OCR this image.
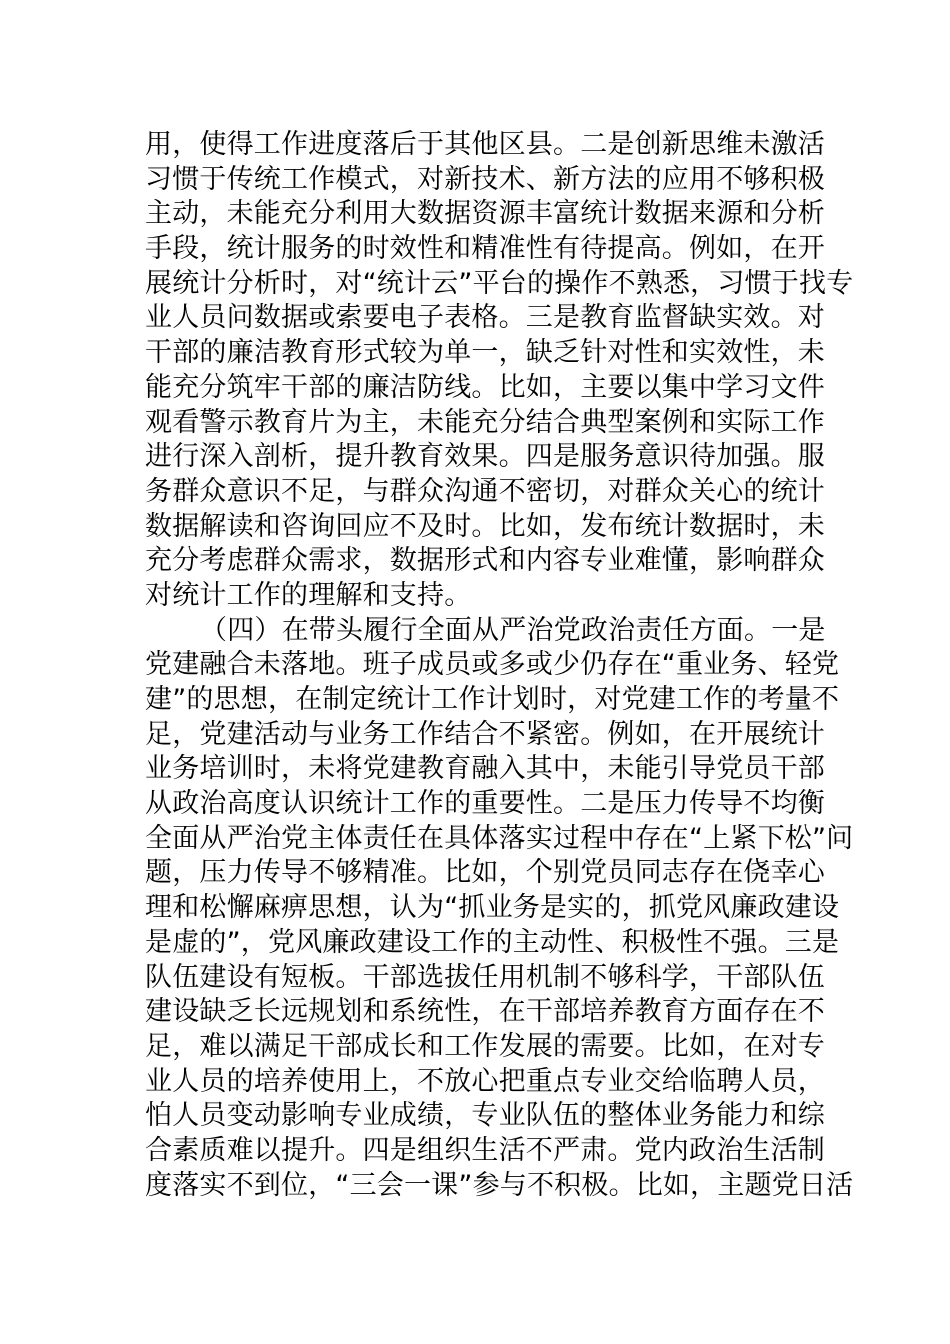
用，使得工作进度落后于其他区县。二是创新思维未激活
习惯于传统工作模式，对新技术、新方法的应用不够积极
主动，未能充分利用大数据资源丰富统计数据来源和分析
手段，统计服务的时效性和精准性有待提高。例如，在开
展统计分析时，对“统计云”平台的操作不熟悉，习惯于找专
业人员问数据或索要电子表格。三是教育监督缺实效。对
干部的廉洁教育形式较为单一，缺乏针对性和实效性，未
能充分筑牢干部的廉洁防线。比如，主要以集中学习文件
观看警示教育片为主，未能充分结合典型案例和实际工作
进行深入剖析，提升教育效果。四是服务意识待加强。服
务群众意识不足，与群众沟通不密切，对群众关心的统计
数据解读和咨询回应不及时。比如，发布统计数据时，未
充分考虑群众需求，数据形式和内容专业难懂，影响群众
对统计工作的理解和支持。
（四）在带头履行全面从严治党政治责任方面。一是
党建融合未落地。班子成员或多或少仍存在“重业务、轻党
建”的思想，在制定统计工作计划时，对党建工作的考量不
足，党建活动与业务工作结合不紧密。例如，在开展统计
业务培训时，未将党建教育融入其中，未能引导党员干部
从政治高度认识统计工作的重要性。二是压力传导不均衡
全面从严治党主体责任在具体落实过程中存在“上紧下松”问
题，压力传导不够精准。比如，个别党员同志存在侥幸心
理和松懈麻痹思想，认为“抓业务是实的，抓党风廉政建设
是虚的”，党风廉政建设工作的主动性、积极性不强。三是
队伍建设有短板。干部选拔任用机制不够科学，干部队伍
建设缺乏长远规划和系统性，在干部培养教育方面存在不
足，难以满足干部成长和工作发展的需要。比如，在对专
业人员的培养使用上，不放心把重点专业交给临聘人员，
怕人员变动影响专业成绩，专业队伍的整体业务能力和综
合素质难以提升。四是组织生活不严肃。党内政治生活制
度落实不到位，“三会一课”参与不积极。比如，主题党日活
